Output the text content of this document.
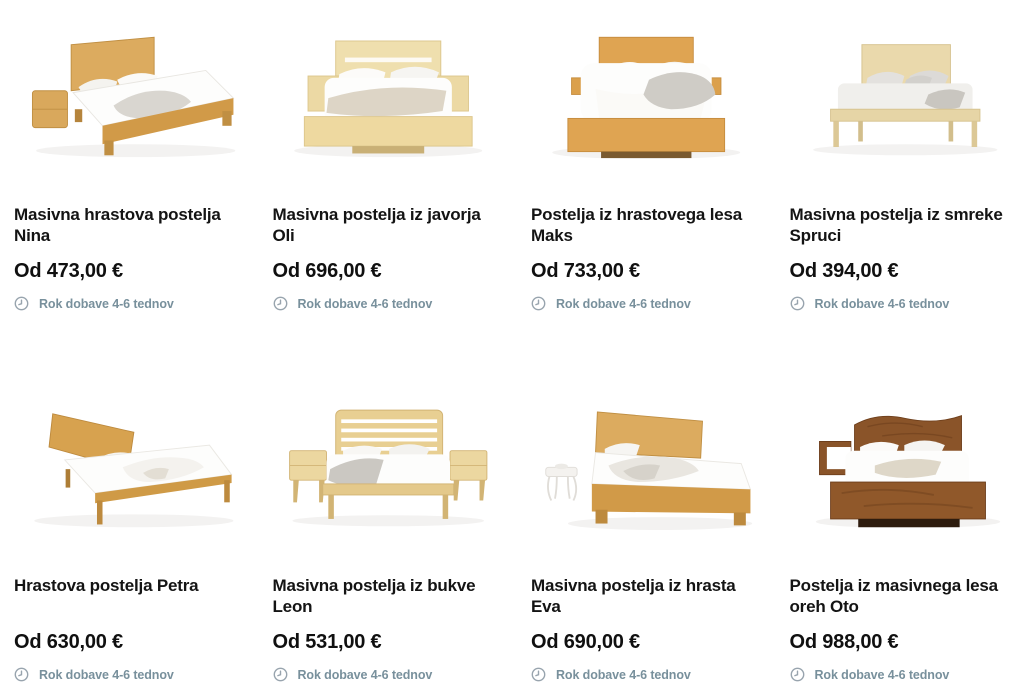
Masivna hrastova postelja Nina
Od 473,00 €
Rok dobave 4-6 tednov
Masivna postelja iz javorja Oli
Od 696,00 €
Rok dobave 4-6 tednov
Postelja iz hrastovega lesa Maks
Od 733,00 €
Rok dobave 4-6 tednov
Masivna postelja iz smreke Spruci
Od 394,00 €
Rok dobave 4-6 tednov
Hrastova postelja Petra
Od 630,00 €
Rok dobave 4-6 tednov
Masivna postelja iz bukve Leon
Od 531,00 €
Rok dobave 4-6 tednov
Masivna postelja iz hrasta Eva
Od 690,00 €
Rok dobave 4-6 tednov
Postelja iz masivnega lesa oreh Oto
Od 988,00 €
Rok dobave 4-6 tednov
